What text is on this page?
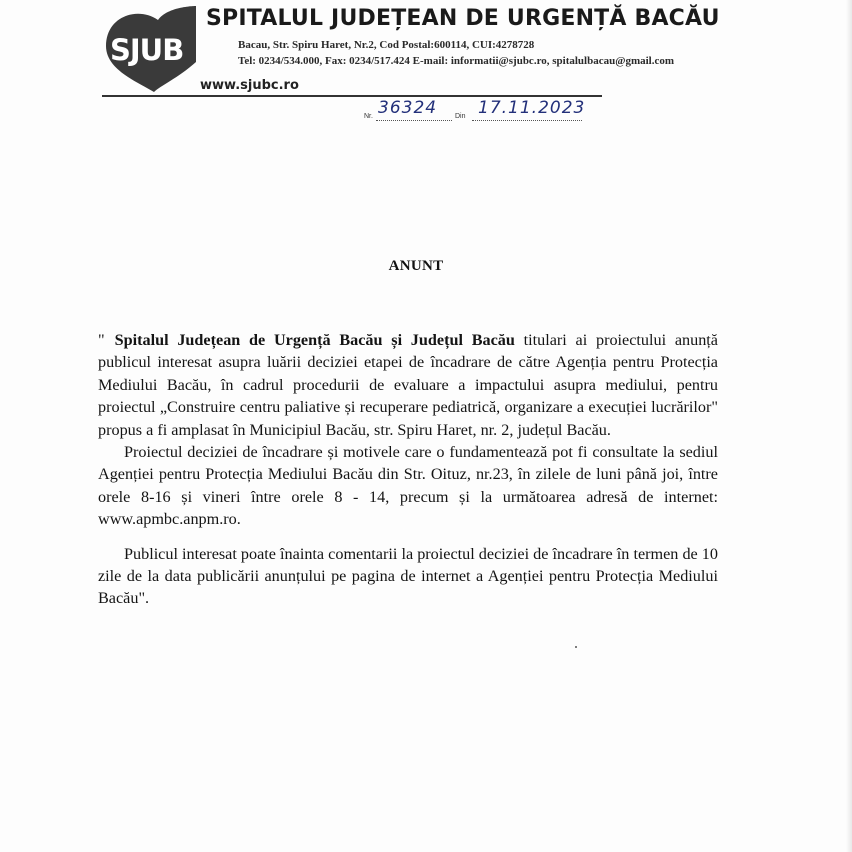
SJUB
SPITALUL JUDEȚEAN DE URGENȚĂ BACĂU
Bacau, Str. Spiru Haret, Nr.2, Cod Postal:600114, CUI:4278728
Tel: 0234/534.000, Fax: 0234/517.424 E-mail: informatii@sjubc.ro, spitalulbacau@gmail.com
www.sjubc.ro
Nr. 36324	Din 17.11.2023
ANUNT

" Spitalul Județean de Urgență Bacău și Județul Bacău titulari ai proiectului anunță publicul interesat asupra luării deciziei etapei de încadrare de către Agenția pentru Protecția Mediului Bacău, în cadrul procedurii de evaluare a impactului asupra mediului, pentru proiectul „Construire centru paliative și recuperare pediatrică, organizare a execuției lucrărilor" propus a fi amplasat în Municipiul Bacău, str. Spiru Haret, nr. 2, județul Bacău.

Proiectul deciziei de încadrare și motivele care o fundamentează pot fi consultate la sediul Agenției pentru Protecția Mediului Bacău din Str. Oituz, nr.23, în zilele de luni până joi, între orele 8-16 și vineri între orele 8 - 14, precum și la următoarea adresă de internet: www.apmbc.anpm.ro.

Publicul interesat poate înainta comentarii la proiectul deciziei de încadrare în termen de 10 zile de la data publicării anunțului pe pagina de internet a Agenției pentru Protecția Mediului Bacău".
